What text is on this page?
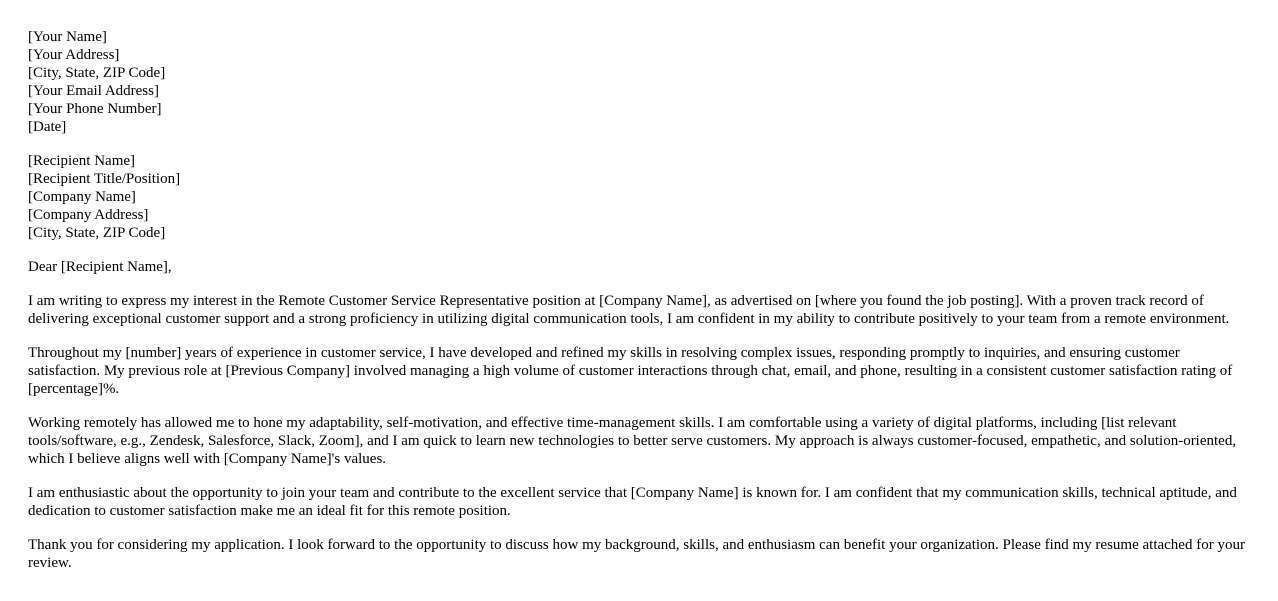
[Your Name]
[Your Address]
[City, State, ZIP Code]
[Your Email Address]
[Your Phone Number]
[Date]
[Recipient Name]
[Recipient Title/Position]
[Company Name]
[Company Address]
[City, State, ZIP Code]

Dear [Recipient Name],

I am writing to express my interest in the Remote Customer Service Representative position at [Company Name], as advertised on [where you found the job posting]. With a proven track record of delivering exceptional customer support and a strong proficiency in utilizing digital communication tools, I am confident in my ability to contribute positively to your team from a remote environment.

Throughout my [number] years of experience in customer service, I have developed and refined my skills in resolving complex issues, responding promptly to inquiries, and ensuring customer satisfaction. My previous role at [Previous Company] involved managing a high volume of customer interactions through chat, email, and phone, resulting in a consistent customer satisfaction rating of [percentage]%.

Working remotely has allowed me to hone my adaptability, self-motivation, and effective time-management skills. I am comfortable using a variety of digital platforms, including [list relevant tools/software, e.g., Zendesk, Salesforce, Slack, Zoom], and I am quick to learn new technologies to better serve customers. My approach is always customer-focused, empathetic, and solution-oriented, which I believe aligns well with [Company Name]'s values.

I am enthusiastic about the opportunity to join your team and contribute to the excellent service that [Company Name] is known for. I am confident that my communication skills, technical aptitude, and dedication to customer satisfaction make me an ideal fit for this remote position.

Thank you for considering my application. I look forward to the opportunity to discuss how my background, skills, and enthusiasm can benefit your organization. Please find my resume attached for your review.
